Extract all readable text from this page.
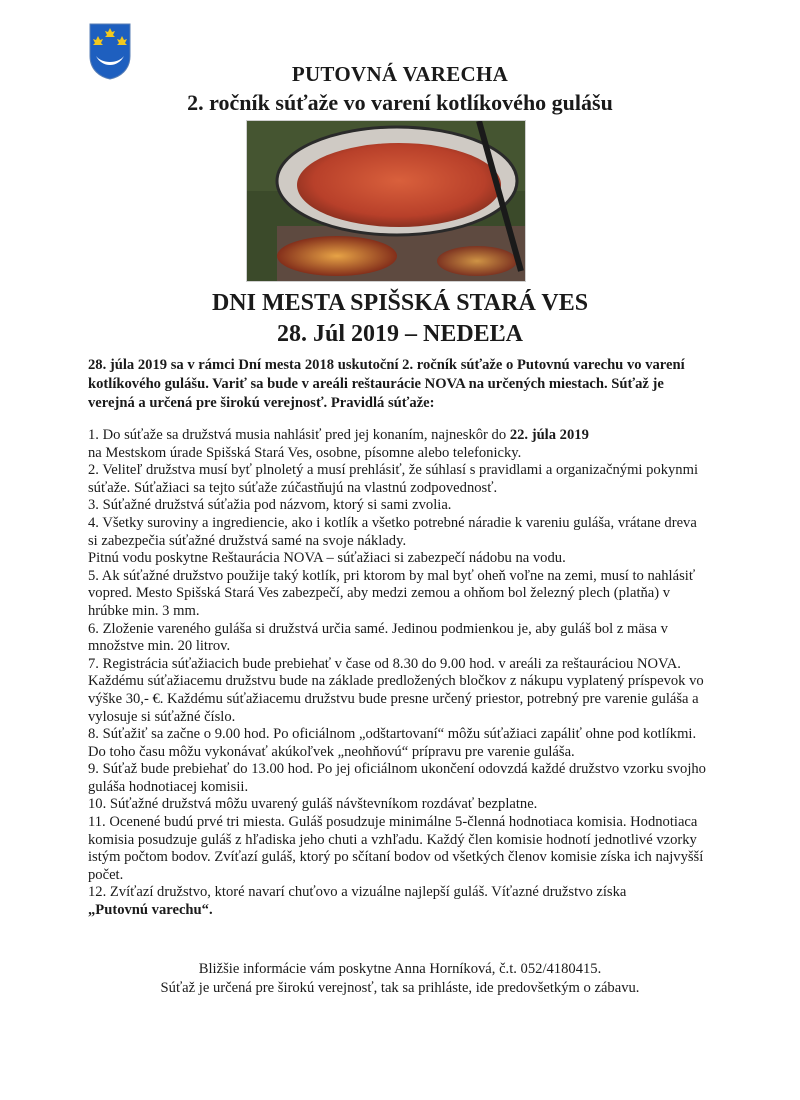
PUTOVNÁ VARECHA
2. ročník súťaže vo varení kotlíkového gulášu
DNI MESTA SPIŠSKÁ STARÁ VES
28. Júl 2019 – NEDEĽA
28. júla 2019 sa v rámci Dní mesta 2018 uskutoční 2. ročník súťaže o Putovnú varechu vo varení kotlíkového gulášu. Variť sa bude v areáli reštaurácie NOVA na určených miestach. Súťaž je verejná a určená pre širokú verejnosť. Pravidlá súťaže:

1. Do súťaže sa družstvá musia nahlásiť pred jej konaním, najneskôr do 22. júla 2019
na Mestskom úrade Spišská Stará Ves, osobne, písomne alebo telefonicky.

2. Veliteľ družstva musí byť plnoletý a musí prehlásiť, že súhlasí s pravidlami a organizačnými pokynmi súťaže. Súťažiaci sa tejto súťaže zúčastňujú na vlastnú zodpovednosť.

3. Súťažné družstvá súťažia pod názvom, ktorý si sami zvolia.

4. Všetky suroviny a ingrediencie, ako i kotlík a všetko potrebné náradie k vareniu guláša, vrátane dreva si zabezpečia súťažné družstvá samé na svoje náklady.

Pitnú vodu poskytne Reštaurácia NOVA – súťažiaci si zabezpečí nádobu na vodu.

5. Ak súťažné družstvo použije taký kotlík, pri ktorom by mal byť oheň voľne na zemi, musí to nahlásiť vopred. Mesto Spišská Stará Ves zabezpečí, aby medzi zemou a ohňom bol železný plech (platňa) v hrúbke min. 3 mm.

6. Zloženie vareného guláša si družstvá určia samé. Jedinou podmienkou je, aby guláš bol z mäsa v množstve min. 20 litrov.

7. Registrácia súťažiacich bude prebiehať v čase od 8.30 do 9.00 hod. v areáli za reštauráciou NOVA. Každému súťažiacemu družstvu bude na základe predložených bločkov z nákupu vyplatený príspevok vo výške 30,- €. Každému súťažiacemu družstvu bude presne určený priestor, potrebný pre varenie guláša a vylosuje si súťažné číslo.

8. Súťažiť sa začne o 9.00 hod. Po oficiálnom „odštartovaní“ môžu súťažiaci zapáliť ohne pod kotlíkmi. Do toho času môžu vykonávať akúkoľvek „neohňovú“ prípravu pre varenie guláša.

9. Súťaž bude prebiehať do 13.00 hod. Po jej oficiálnom ukončení odovzdá každé družstvo vzorku svojho guláša hodnotiacej komisii.

10. Súťažné družstvá môžu uvarený guláš návštevníkom rozdávať bezplatne.

11. Ocenené budú prvé tri miesta. Guláš posudzuje minimálne 5-členná hodnotiaca komisia. Hodnotiaca komisia posudzuje guláš z hľadiska jeho chuti a vzhľadu. Každý člen komisie hodnotí jednotlivé vzorky istým počtom bodov. Zvíťazí guláš, ktorý po sčítaní bodov od všetkých členov komisie získa ich najvyšší počet.

12. Zvíťazí družstvo, ktoré navarí chuťovo a vizuálne najlepší guláš. Víťazné družstvo získa
„Putovnú varechu“.

Bližšie informácie vám poskytne Anna Horníková, č.t. 052/4180415.

Súťaž je určená pre širokú verejnosť, tak sa prihláste, ide predovšetkým o zábavu.
